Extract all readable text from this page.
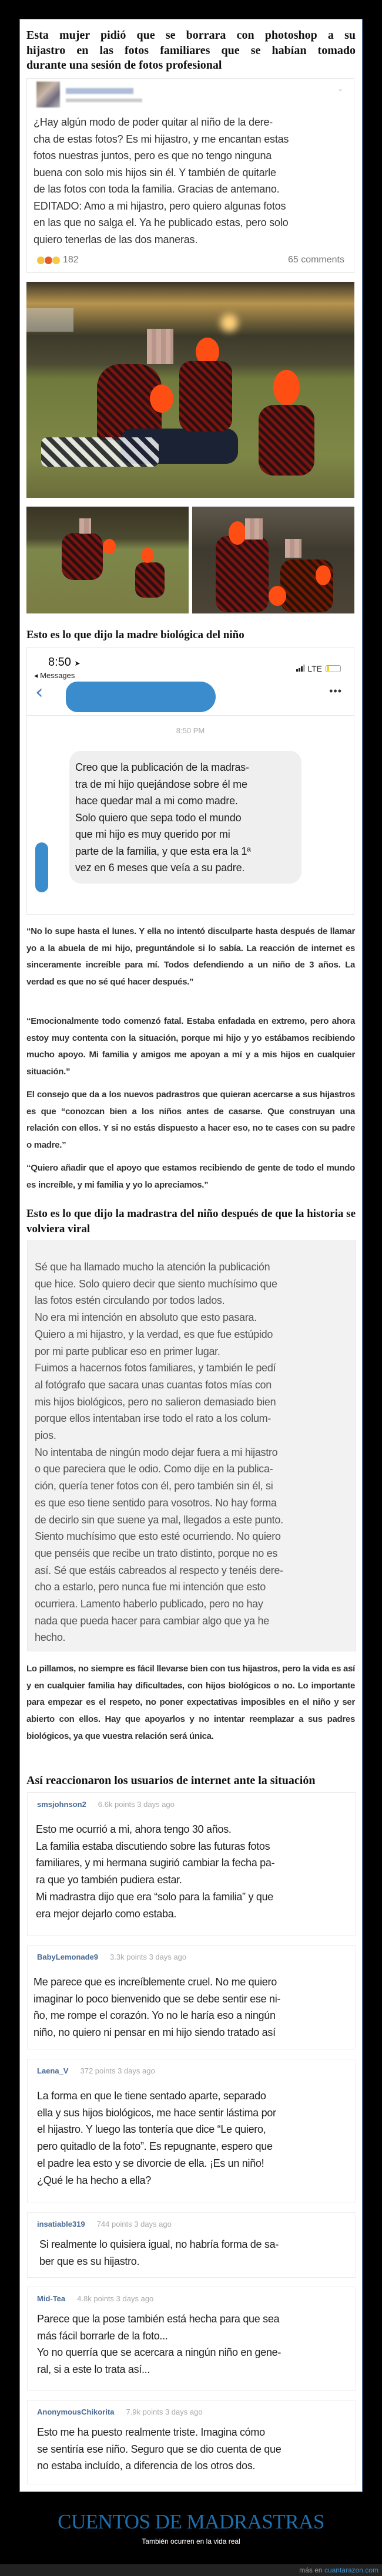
Esta mujer pidió que se borrara con photoshop a su
hijastro en las fotos familiares que se habían tomado
durante una sesión de fotos profesional
⌄
¿Hay algún modo de poder quitar al niño de la dere-
cha de estas fotos? Es mi hijastro, y me encantan estas
fotos nuestras juntos, pero es que no tengo ninguna
buena con solo mis hijos sin él. Y también de quitarle
de las fotos con toda la familia. Gracias de antemano.
EDITADO: Amo a mi hijastro, pero quiero algunas fotos
en las que no salga el. Ya he publicado estas, pero solo
quiero tenerlas de las dos maneras.
182	65 comments
Esto es lo que dijo la madre biológica del niño
8:50 ➤
◂ Messages
LTE
‹	•••
8:50 PM
Creo que la publicación de la madras-
tra de mi hijo quejándose sobre él me
hace quedar mal a mi como madre.
Solo quiero que sepa todo el mundo
que mi hijo es muy querido por mi
parte de la familia, y que esta era la 1ª
vez en 6 meses que veía a su padre.
“No lo supe hasta el lunes. Y ella no intentó disculparte hasta después de llamar yo a la abuela de mi hijo, preguntándole si lo sabía. La reacción de internet es sinceramente increíble para mí. Todos defendiendo a un niño de 3 años. La verdad es que no sé qué hacer después.”
“Emocionalmente todo comenzó fatal. Estaba enfadada en extremo, pero ahora estoy muy contenta con la situación, porque mi hijo y yo estábamos recibiendo mucho apoyo. Mi familia y amigos me apoyan a mí y a mis hijos en cualquier situación.”
El consejo que da a los nuevos padrastros que quieran acercarse a sus hijastros es que “conozcan bien a los niños antes de casarse. Que construyan una relación con ellos. Y si no estás dispuesto a hacer eso, no te cases con su padre o madre.”
“Quiero añadir que el apoyo que estamos recibiendo de gente de todo el mundo es increíble, y mi familia y yo lo apreciamos.”
Esto es lo que dijo la madrastra del niño después de que la historia se volviera viral
Sé que ha llamado mucho la atención la publicación
que hice. Solo quiero decir que siento muchísimo que
las fotos estén circulando por todos lados.
No era mi intención en absoluto que esto pasara.
Quiero a mi hijastro, y la verdad, es que fue estúpido
por mi parte publicar eso en primer lugar.
Fuimos a hacernos fotos familiares, y también le pedí
al fotógrafo que sacara unas cuantas fotos mías con
mis hijos biológicos, pero no salieron demasiado bien
porque ellos intentaban irse todo el rato a los colum-
pios.
No intentaba de ningún modo dejar fuera a mi hijastro
o que pareciera que le odio. Como dije en la publica-
ción, quería tener fotos con él, pero también sin él, si
es que eso tiene sentido para vosotros. No hay forma
de decirlo sin que suene ya mal, llegados a este punto.
Siento muchísimo que esto esté ocurriendo. No quiero
que penséis que recibe un trato distinto, porque no es
así. Sé que estáis cabreados al respecto y tenéis dere-
cho a estarlo, pero nunca fue mi intención que esto
ocurriera. Lamento haberlo publicado, pero no hay
nada que pueda hacer para cambiar algo que ya he
hecho.
Lo pillamos, no siempre es fácil llevarse bien con tus hijastros, pero la vida es así y en cualquier familia hay dificultades, con hijos biológicos o no. Lo importante para empezar es el respeto, no poner expectativas imposibles en el niño y ser abierto con ellos. Hay que apoyarlos y no intentar reemplazar a sus padres biológicos, ya que vuestra relación será única.
Así reaccionaron los usuarios de internet ante la situación
smsjohnson2 6.6k points 3 days ago
Esto me ocurrió a mi, ahora tengo 30 años.
La familia estaba discutiendo sobre las futuras fotos
familiares, y mi hermana sugirió cambiar la fecha pa-
ra que yo también pudiera estar.
Mi madrastra dijo que era “solo para la familia” y que
era mejor dejarlo como estaba.
BabyLemonade9 3.3k points 3 days ago
Me parece que es increíblemente cruel. No me quiero
imaginar lo poco bienvenido que se debe sentir ese ni-
ño, me rompe el corazón. Yo no le haría eso a ningún
niño, no quiero ni pensar en mi hijo siendo tratado así
Laena_V 372 points 3 days ago
La forma en que le tiene sentado aparte, separado
ella y sus hijos biológicos, me hace sentir lástima por
el hijastro. Y luego las tontería que dice “Le quiero,
pero quitadlo de la foto”. Es repugnante, espero que
el padre lea esto y se divorcie de ella. ¡Es un niño!
¿Qué le ha hecho a ella?
insatiable319 744 points 3 days ago
Si realmente lo quisiera igual, no habría forma de sa-
ber que es su hijastro.
Mid-Tea 4.8k points 3 days ago
Parece que la pose también está hecha para que sea
más fácil borrarle de la foto...
Yo no querría que se acercara a ningún niño en gene-
ral, si a este lo trata así...
AnonymousChikorita 7.9k points 3 days ago
Esto me ha puesto realmente triste. Imagina cómo
se sentiría ese niño. Seguro que se dio cuenta de que
no estaba incluído, a diferencia de los otros dos.
CUENTOS DE MADRASTRAS
También ocurren en la vida real
más en cuantarazon.com
